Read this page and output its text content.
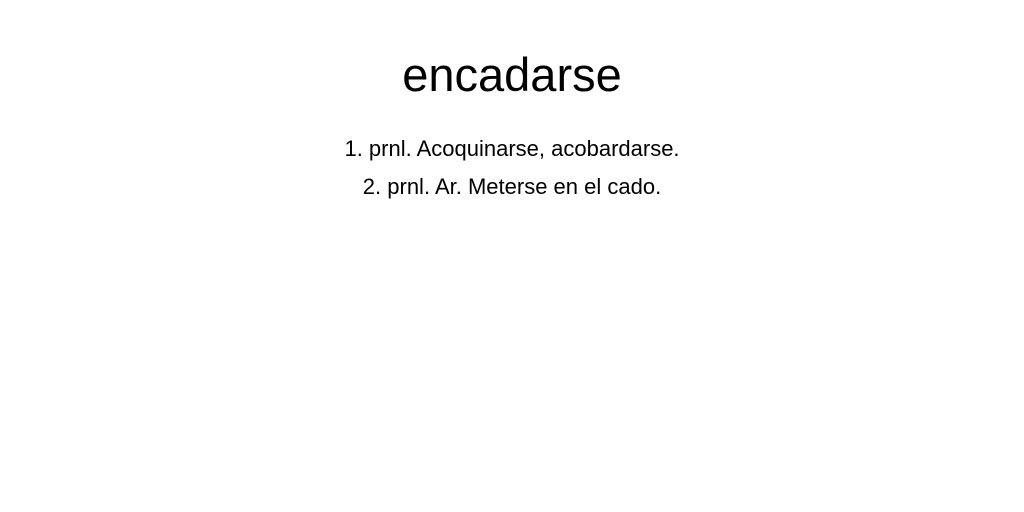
encadarse
1. prnl. Acoquinarse, acobardarse.
2. prnl. Ar. Meterse en el cado.
